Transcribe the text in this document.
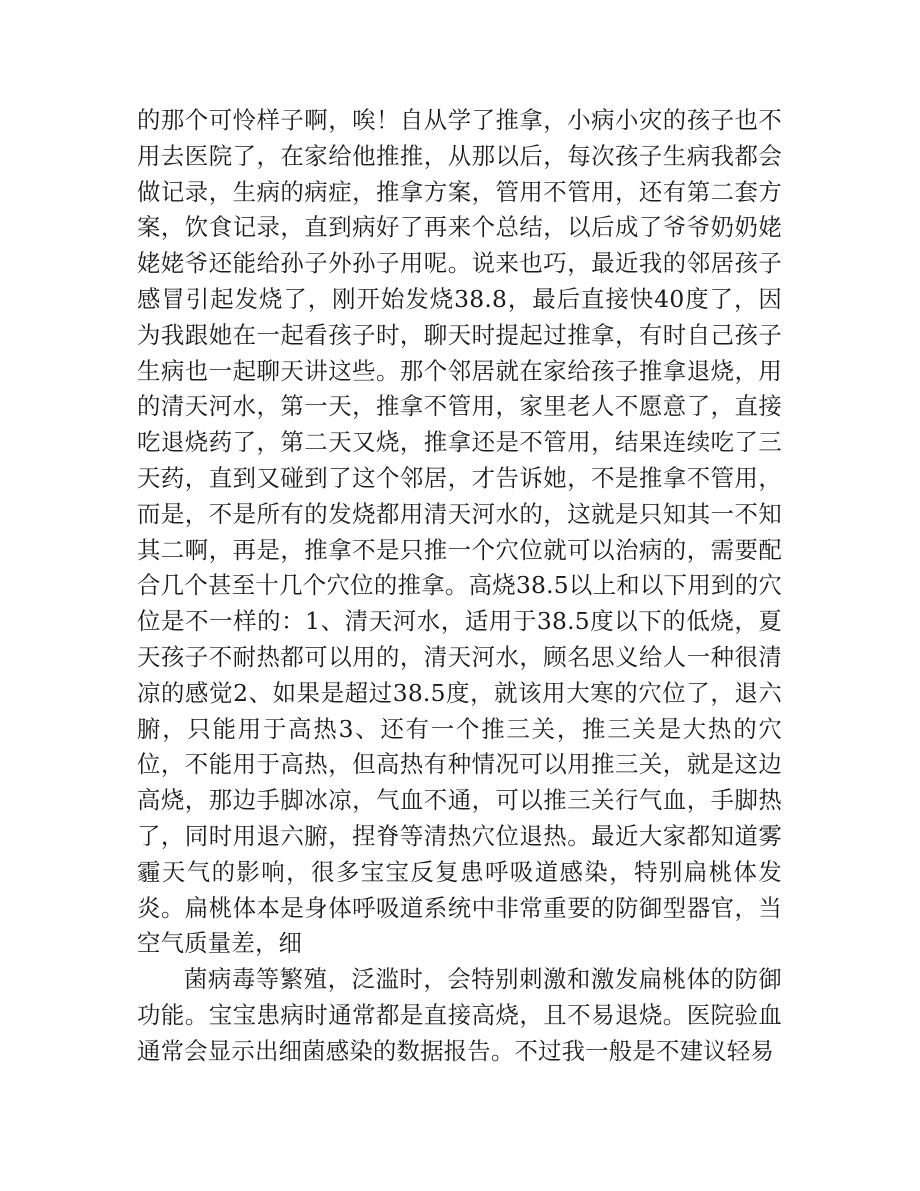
的那个可怜样子啊，唉！自从学了推拿，小病小灾的孩子也不用去医院了，在家给他推推，从那以后，每次孩子生病我都会做记录，生病的病症，推拿方案，管用不管用，还有第二套方案，饮食记录，直到病好了再来个总结，以后成了爷爷奶奶姥姥姥爷还能给孙子外孙子用呢。说来也巧，最近我的邻居孩子感冒引起发烧了，刚开始发烧38.8，最后直接快40度了，因为我跟她在一起看孩子时，聊天时提起过推拿，有时自己孩子生病也一起聊天讲这些。那个邻居就在家给孩子推拿退烧，用的清天河水，第一天，推拿不管用，家里老人不愿意了，直接吃退烧药了，第二天又烧，推拿还是不管用，结果连续吃了三天药，直到又碰到了这个邻居，才告诉她，不是推拿不管用，而是，不是所有的发烧都用清天河水的，这就是只知其一不知其二啊，再是，推拿不是只推一个穴位就可以治病的，需要配合几个甚至十几个穴位的推拿。高烧38.5以上和以下用到的穴位是不一样的：1、清天河水，适用于38.5度以下的低烧，夏天孩子不耐热都可以用的，清天河水，顾名思义给人一种很清凉的感觉2、如果是超过38.5度，就该用大寒的穴位了，退六腑，只能用于高热3、还有一个推三关，推三关是大热的穴位，不能用于高热，但高热有种情况可以用推三关，就是这边高烧，那边手脚冰凉，气血不通，可以推三关行气血，手脚热了，同时用退六腑，捏脊等清热穴位退热。最近大家都知道雾霾天气的影响，很多宝宝反复患呼吸道感染，特别扁桃体发炎。扁桃体本是身体呼吸道系统中非常重要的防御型器官，当空气质量差，细

菌病毒等繁殖，泛滥时，会特别刺激和激发扁桃体的防御功能。宝宝患病时通常都是直接高烧，且不易退烧。医院验血通常会显示出细菌感染的数据报告。不过我一般是不建议轻易
